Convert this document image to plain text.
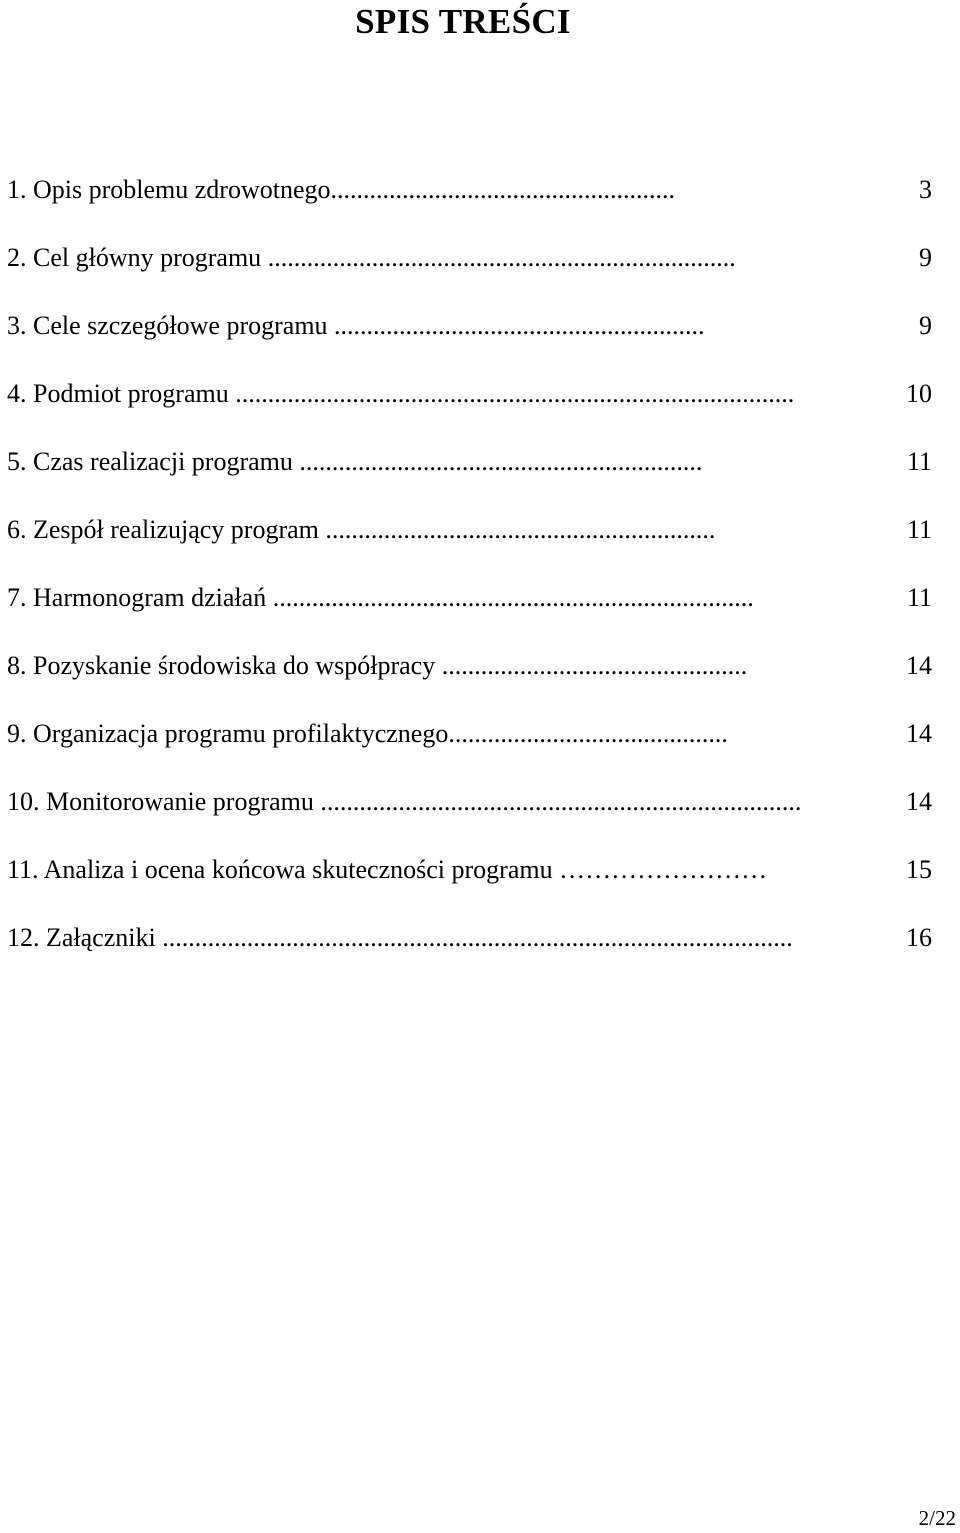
SPIS TREŚCI
1. Opis problemu zdrowotnego.....................................................	3
2. Cel główny programu ........................................................................	9
3. Cele szczegółowe programu .........................................................	9
4. Podmiot programu ......................................................................................	10
5. Czas realizacji programu ..............................................................	11
6. Zespół realizujący program ............................................................	11
7. Harmonogram działań ..........................................................................	11
8. Pozyskanie środowiska do współpracy ...............................................	14
9. Organizacja programu profilaktycznego...........................................	14
10. Monitorowanie programu ..........................................................................	14
11. Analiza i ocena końcowa skuteczności programu ……………………	15
12. Załączniki .................................................................................................	16
2/22
